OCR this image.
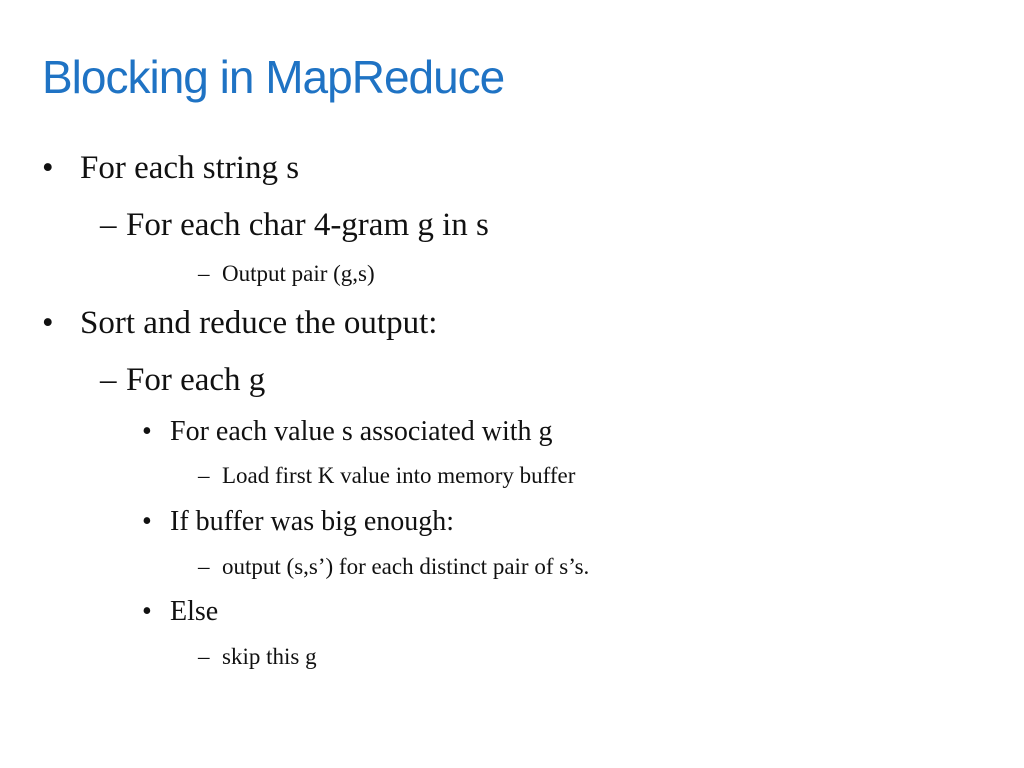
Blocking in MapReduce
• For each string s
– For each char 4-gram g in s
– Output pair (g,s)
• Sort and reduce the output:
– For each g
• For each value s associated with g
– Load first K value into memory buffer
• If buffer was big enough:
– output (s,s’) for each distinct pair of s’s.
• Else
– skip this g
